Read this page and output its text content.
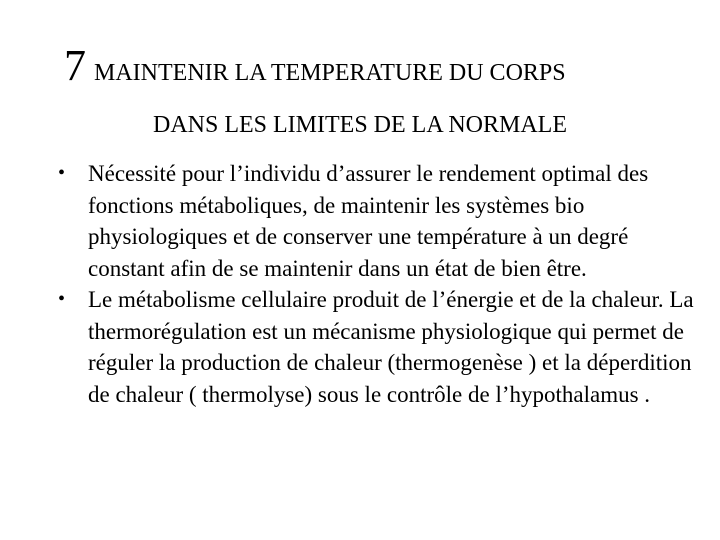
7 MAINTENIR LA TEMPERATURE DU CORPS
DANS LES LIMITES DE LA NORMALE
• Nécessité pour l’individu d’assurer le rendement optimal des fonctions métaboliques, de maintenir les systèmes bio physiologiques et de conserver une température à un degré constant afin de se maintenir dans un état de bien être.
• Le métabolisme cellulaire produit de l’énergie et de la chaleur. La thermorégulation est un mécanisme physiologique qui permet de réguler la production de chaleur (thermogenèse ) et la déperdition de chaleur ( thermolyse) sous le contrôle de l’hypothalamus .
